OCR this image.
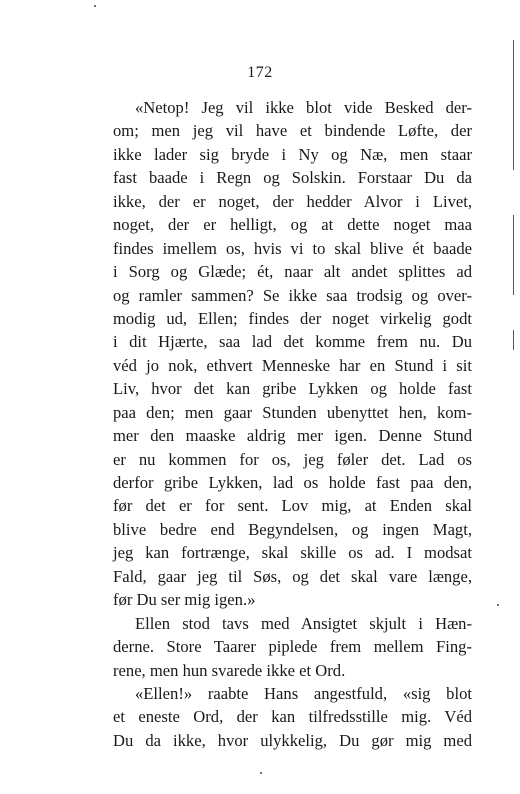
172
«Netop! Jeg vil ikke blot vide Besked der-
om; men jeg vil have et bindende Løfte, der
ikke lader sig bryde i Ny og Næ, men staar
fast baade i Regn og Solskin. Forstaar Du da
ikke, der er noget, der hedder Alvor i Livet,
noget, der er helligt, og at dette noget maa
findes imellem os, hvis vi to skal blive ét baade
i Sorg og Glæde; ét, naar alt andet splittes ad
og ramler sammen? Se ikke saa trodsig og over-
modig ud, Ellen; findes der noget virkelig godt
i dit Hjærte, saa lad det komme frem nu. Du
véd jo nok, ethvert Menneske har en Stund i sit
Liv, hvor det kan gribe Lykken og holde fast
paa den; men gaar Stunden ubenyttet hen, kom-
mer den maaske aldrig mer igen. Denne Stund
er nu kommen for os, jeg føler det. Lad os
derfor gribe Lykken, lad os holde fast paa den,
før det er for sent. Lov mig, at Enden skal
blive bedre end Begyndelsen, og ingen Magt,
jeg kan fortrænge, skal skille os ad. I modsat
Fald, gaar jeg til Søs, og det skal vare længe,
før Du ser mig igen.»
Ellen stod tavs med Ansigtet skjult i Hæn-
derne. Store Taarer piplede frem mellem Fing-
rene, men hun svarede ikke et Ord.
«Ellen!» raabte Hans angestfuld, «sig blot
et eneste Ord, der kan tilfredsstille mig. Véd
Du da ikke, hvor ulykkelig, Du gør mig med
